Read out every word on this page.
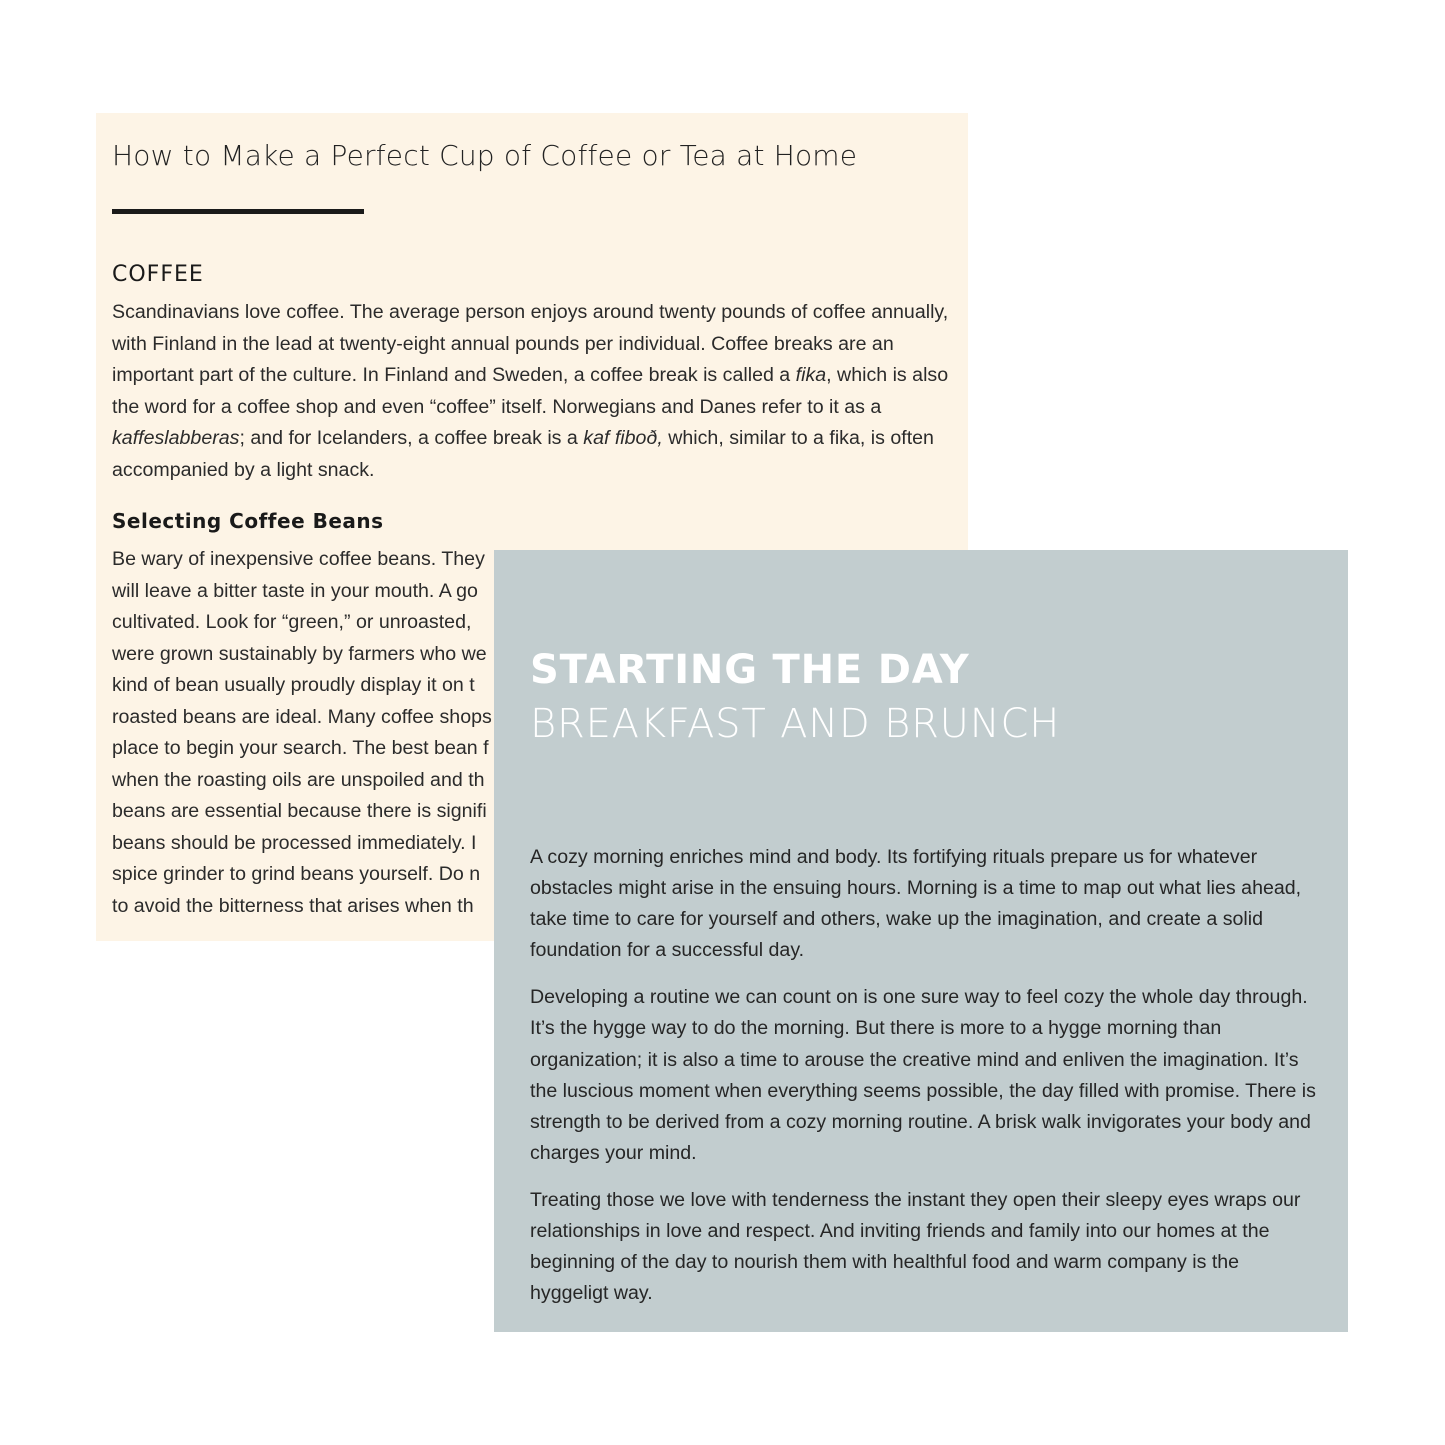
How to Make a Perfect Cup of Coffee or Tea at Home
COFFEE

Scandinavians love coffee. The average person enjoys around twenty pounds of coffee annually, with Finland in the lead at twenty-eight annual pounds per individual. Coffee breaks are an important part of the culture. In Finland and Sweden, a coffee break is called a fika, which is also the word for a coffee shop and even “coffee” itself. Norwegians and Danes refer to it as a kaffeslabberas; and for Icelanders, a coffee break is a kaf fiboð, which, similar to a fika, is often accompanied by a light snack.

Selecting Coffee Beans

Be wary of inexpensive coffee beans. They
will leave a bitter taste in your mouth. A go
cultivated. Look for “green,” or unroasted,
were grown sustainably by farmers who we
kind of bean usually proudly display it on t
roasted beans are ideal. Many coffee shops
place to begin your search. The best bean f
when the roasting oils are unspoiled and th
beans are essential because there is signifi
beans should be processed immediately. I
spice grinder to grind beans yourself. Do n
to avoid the bitterness that arises when th

STARTING THE DAY
BREAKFAST AND BRUNCH

A cozy morning enriches mind and body. Its fortifying rituals prepare us for whatever obstacles might arise in the ensuing hours. Morning is a time to map out what lies ahead, take time to care for yourself and others, wake up the imagination, and create a solid foundation for a successful day.

Developing a routine we can count on is one sure way to feel cozy the whole day through. It’s the hygge way to do the morning. But there is more to a hygge morning than organization; it is also a time to arouse the creative mind and enliven the imagination. It’s the luscious moment when everything seems possible, the day filled with promise. There is strength to be derived from a cozy morning routine. A brisk walk invigorates your body and charges your mind.

Treating those we love with tenderness the instant they open their sleepy eyes wraps our relationships in love and respect. And inviting friends and family into our homes at the beginning of the day to nourish them with healthful food and warm company is the hyggeligt way.
